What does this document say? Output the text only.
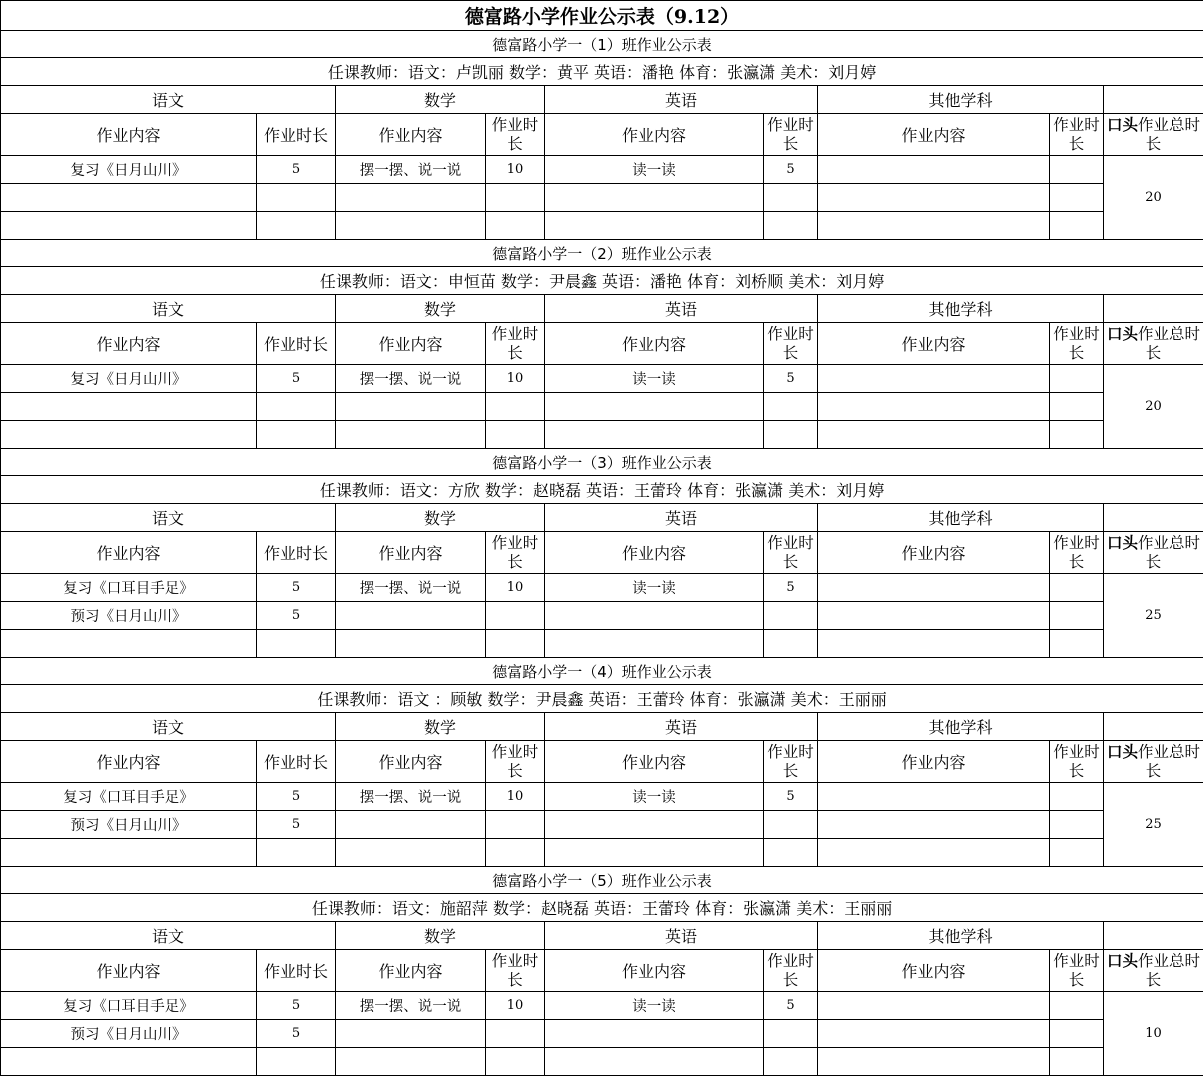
德富路小学作业公示表（9.12）								
德富路小学一（1）班作业公示表								
任课教师：语文：卢凯丽 数学：黄平 英语：潘艳 体育：张瀛潇 美术：刘月婷								
语文		数学		英语		其他学科		
作业内容	作业时长	作业内容	作业时长	作业内容	作业时长	作业内容	作业时长	口头作业总时长

复习《日月山川》	5	摆一摆、说一说	10	读一读	5			20

德富路小学一（2）班作业公示表								
任课教师：语文：申恒苗 数学：尹晨鑫 英语：潘艳 体育：刘桥顺 美术：刘月婷								
语文		数学		英语		其他学科		
作业内容	作业时长	作业内容	作业时长	作业内容	作业时长	作业内容	作业时长	口头作业总时长

复习《日月山川》	5	摆一摆、说一说	10	读一读	5			20

德富路小学一（3）班作业公示表								
任课教师：语文：方欣 数学：赵晓磊 英语：王蕾玲 体育：张瀛潇 美术：刘月婷								
语文		数学		英语		其他学科		
作业内容	作业时长	作业内容	作业时长	作业内容	作业时长	作业内容	作业时长	口头作业总时长

复习《口耳目手足》	5	摆一摆、说一说	10	读一读	5			25
预习《日月山川》	5							

德富路小学一（4）班作业公示表								
任课教师：语文 ：顾敏 数学：尹晨鑫 英语：王蕾玲 体育：张瀛潇 美术：王丽丽								
语文		数学		英语		其他学科		
作业内容	作业时长	作业内容	作业时长	作业内容	作业时长	作业内容	作业时长	口头作业总时长

复习《口耳目手足》	5	摆一摆、说一说	10	读一读	5			25
预习《日月山川》	5							

德富路小学一（5）班作业公示表								
任课教师：语文：施韶萍 数学：赵晓磊 英语：王蕾玲 体育：张瀛潇 美术：王丽丽								
语文		数学		英语		其他学科		
作业内容	作业时长	作业内容	作业时长	作业内容	作业时长	作业内容	作业时长	口头作业总时长

复习《口耳目手足》	5	摆一摆、说一说	10	读一读	5			10
预习《日月山川》	5							
